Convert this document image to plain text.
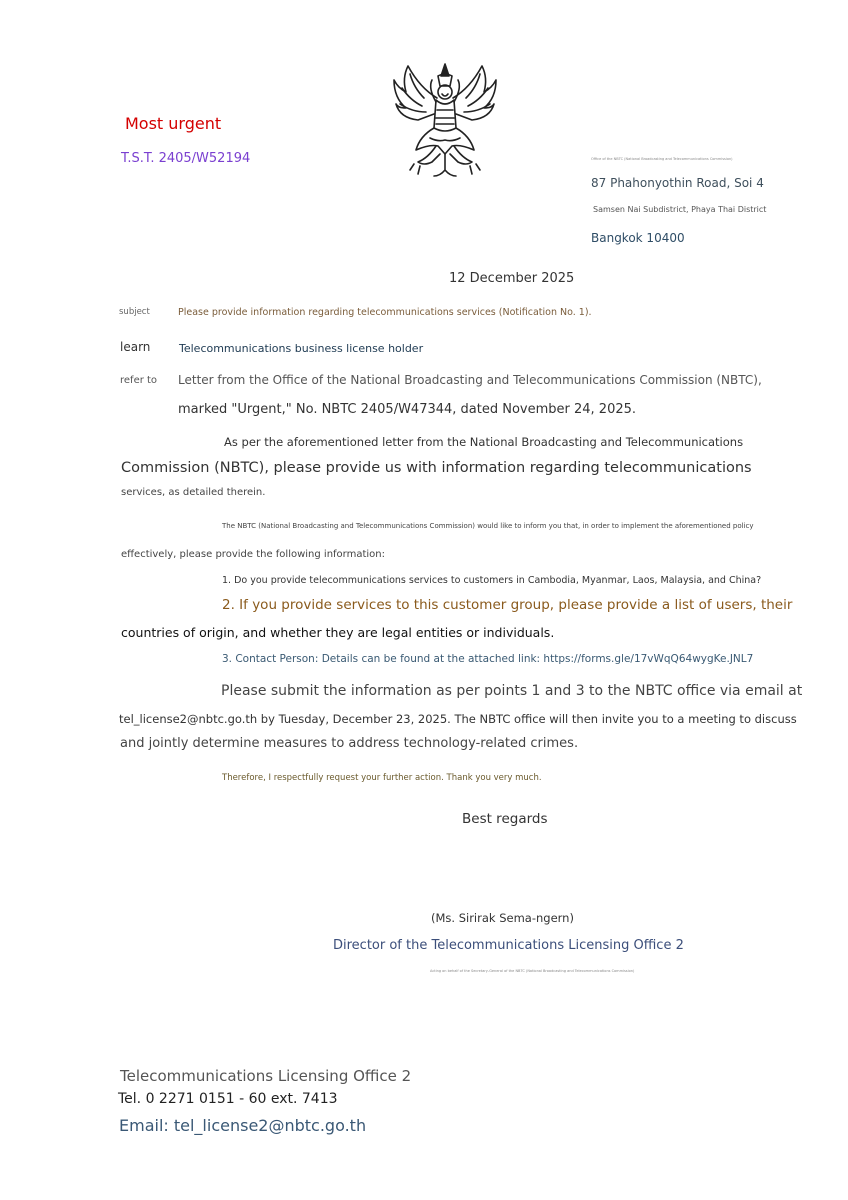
Most urgent
T.S.T. 2405/W52194	Office of the NBTC (National Broadcasting and Telecommunications Commission)
87 Phahonyothin Road, Soi 4
Samsen Nai Subdistrict, Phaya Thai District
Bangkok 10400
12 December 2025
subject	Please provide information regarding telecommunications services (Notification No. 1).
learn	Telecommunications business license holder
refer to Letter from the Office of the National Broadcasting and Telecommunications Commission (NBTC),
marked "Urgent," No. NBTC 2405/W47344, dated November 24, 2025.
As per the aforementioned letter from the National Broadcasting and Telecommunications
Commission (NBTC), please provide us with information regarding telecommunications
services, as detailed therein.
The NBTC (National Broadcasting and Telecommunications Commission) would like to inform you that, in order to implement the aforementioned policy
effectively, please provide the following information:
1. Do you provide telecommunications services to customers in Cambodia, Myanmar, Laos, Malaysia, and China?
2. If you provide services to this customer group, please provide a list of users, their
countries of origin, and whether they are legal entities or individuals.
3. Contact Person: Details can be found at the attached link: https://forms.gle/17vWqQ64wygKe.JNL7
Please submit the information as per points 1 and 3 to the NBTC office via email at
tel_license2@nbtc.go.th by Tuesday, December 23, 2025. The NBTC office will then invite you to a meeting to discuss
and jointly determine measures to address technology-related crimes.
Therefore, I respectfully request your further action. Thank you very much.
Best regards
(Ms. Sirirak Sema-ngern)
Director of the Telecommunications Licensing Office 2
Acting on behalf of the Secretary-General of the NBTC (National Broadcasting and Telecommunications Commission)
Telecommunications Licensing Office 2
Tel. 0 2271 0151 - 60 ext. 7413
Email: tel_license2@nbtc.go.th
